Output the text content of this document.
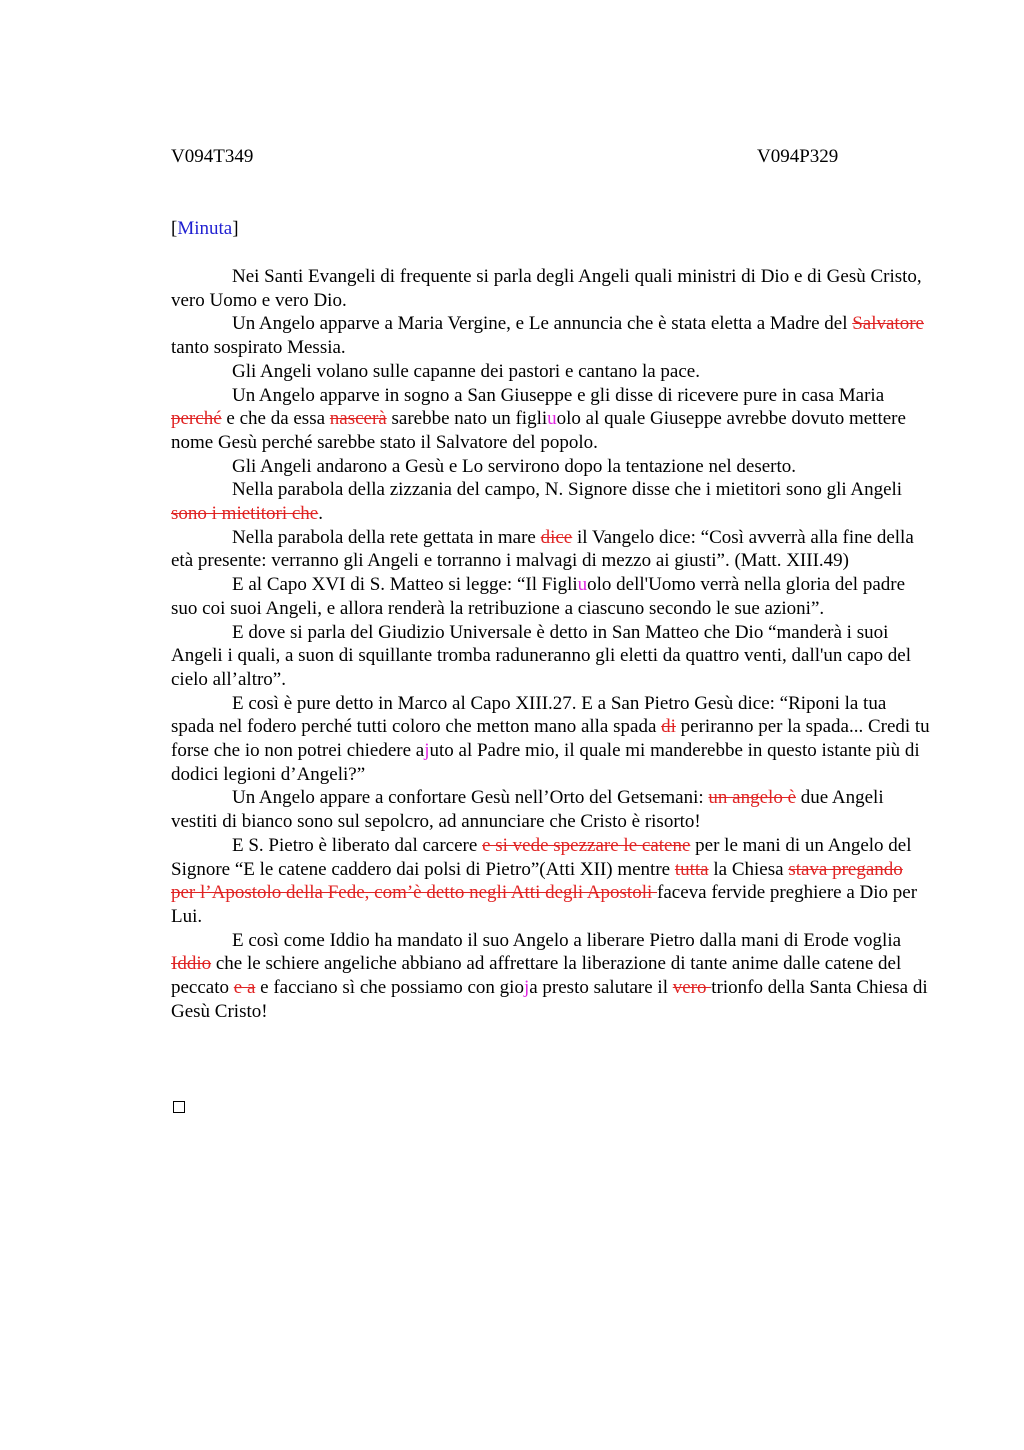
V094T349	V094P329
[Minuta]

Nei Santi Evangeli di frequente si parla degli Angeli quali ministri di Dio e di Gesù Cristo, vero Uomo e vero Dio.

Un Angelo apparve a Maria Vergine, e Le annuncia che è stata eletta a Madre del Salvatore tanto sospirato Messia.

Gli Angeli volano sulle capanne dei pastori e cantano la pace.

Un Angelo apparve in sogno a San Giuseppe e gli disse di ricevere pure in casa Maria perché e che da essa nascerà sarebbe nato un figliuolo al quale Giuseppe avrebbe dovuto mettere nome Gesù perché sarebbe stato il Salvatore del popolo.

Gli Angeli andarono a Gesù e Lo servirono dopo la tentazione nel deserto.

Nella parabola della zizzania del campo, N. Signore disse che i mietitori sono gli Angeli sono i mietitori che.

Nella parabola della rete gettata in mare dice il Vangelo dice: “Così avverrà alla fine della età presente: verranno gli Angeli e torranno i malvagi di mezzo ai giusti”. (Matt. XIII.49)

E al Capo XVI di S. Matteo si legge: “Il Figliuolo dell'Uomo verrà nella gloria del padre suo coi suoi Angeli, e allora renderà la retribuzione a ciascuno secondo le sue azioni”.

E dove si parla del Giudizio Universale è detto in San Matteo che Dio “manderà i suoi Angeli i quali, a suon di squillante tromba raduneranno gli eletti da quattro venti, dall'un capo del cielo all’altro”.

E così è pure detto in Marco al Capo XIII.27. E a San Pietro Gesù dice: “Riponi la tua spada nel fodero perché tutti coloro che metton mano alla spada di periranno per la spada... Credi tu forse che io non potrei chiedere ajuto al Padre mio, il quale mi manderebbe in questo istante più di dodici legioni d’Angeli?”

Un Angelo appare a confortare Gesù nell’Orto del Getsemani: un angelo è due Angeli vestiti di bianco sono sul sepolcro, ad annunciare che Cristo è risorto!

E S. Pietro è liberato dal carcere e si vede spezzare le catene per le mani di un Angelo del Signore “E le catene caddero dai polsi di Pietro”(Atti XII) mentre tutta la Chiesa stava pregando per l’Apostolo della Fede, com’è detto negli Atti degli Apostoli faceva fervide preghiere a Dio per Lui.

E così come Iddio ha mandato il suo Angelo a liberare Pietro dalla mani di Erode voglia Iddio che le schiere angeliche abbiano ad affrettare la liberazione di tante anime dalle catene del peccato e a e facciano sì che possiamo con gioja presto salutare il vero trionfo della Santa Chiesa di Gesù Cristo!
